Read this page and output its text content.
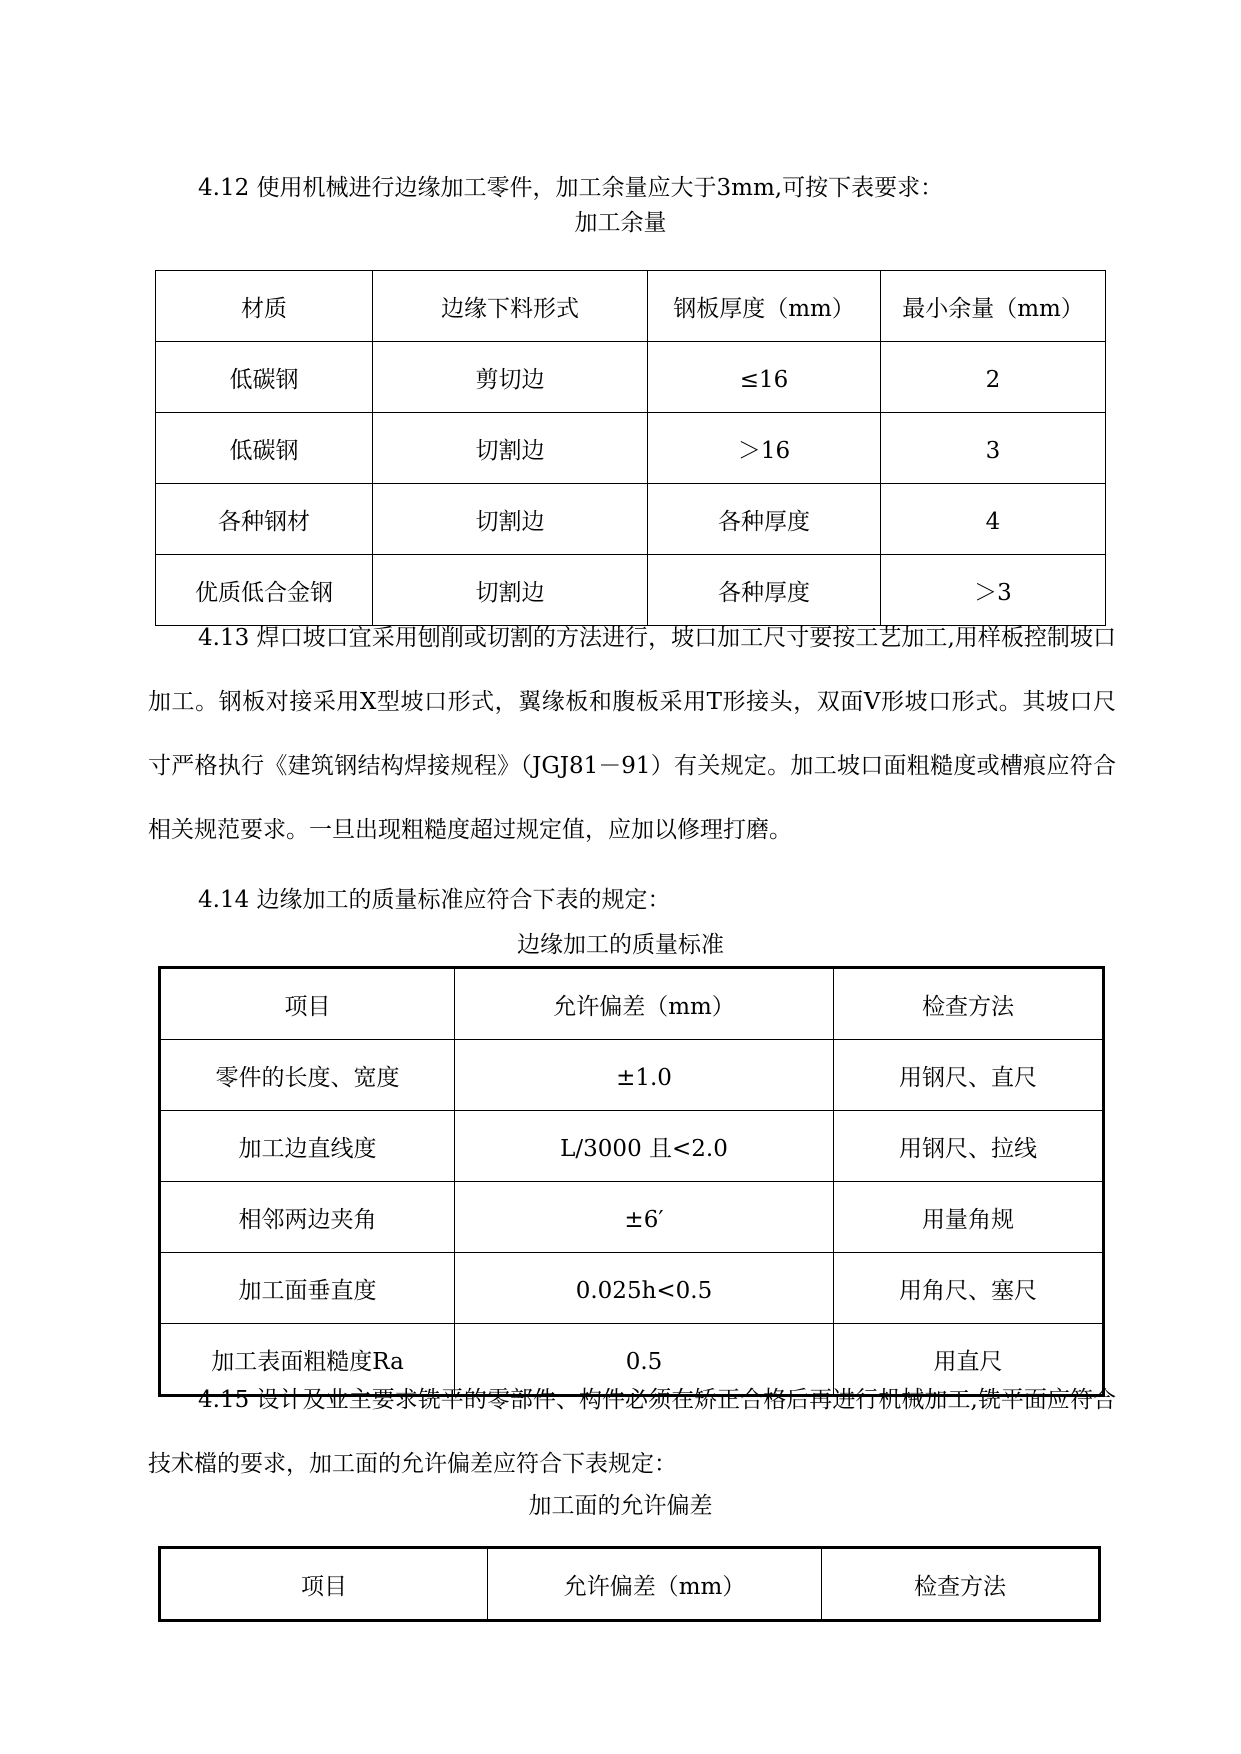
4.12 使用机械进行边缘加工零件，加工余量应大于3mm,可按下表要求：

加工余量

材质	边缘下料形式	钢板厚度（mm）	最小余量（mm）
低碳钢	剪切边	≤16	2
低碳钢	切割边	＞16	3
各种钢材	切割边	各种厚度	4
优质低合金钢	切割边	各种厚度	＞3

4.13 焊口坡口宜采用刨削或切割的方法进行，坡口加工尺寸要按工艺加工,用样板控制坡口加工。钢板对接采用X型坡口形式，翼缘板和腹板采用T形接头，双面V形坡口形式。其坡口尺寸严格执行《建筑钢结构焊接规程》（JGJ81－91）有关规定。加工坡口面粗糙度或槽痕应符合相关规范要求。一旦出现粗糙度超过规定值，应加以修理打磨。

4.14 边缘加工的质量标准应符合下表的规定：

边缘加工的质量标准

项目	允许偏差（mm）	检查方法
零件的长度、宽度	±1.0	用钢尺、直尺
加工边直线度	L/3000 且<2.0	用钢尺、拉线
相邻两边夹角	±6′	用量角规
加工面垂直度	0.025h<0.5	用角尺、塞尺
加工表面粗糙度Ra	0.5	用直尺

4.15 设计及业主要求铣平的零部件、构件必须在矫正合格后再进行机械加工,铣平面应符合技术檔的要求，加工面的允许偏差应符合下表规定：

加工面的允许偏差

项目	允许偏差（mm）	检查方法
